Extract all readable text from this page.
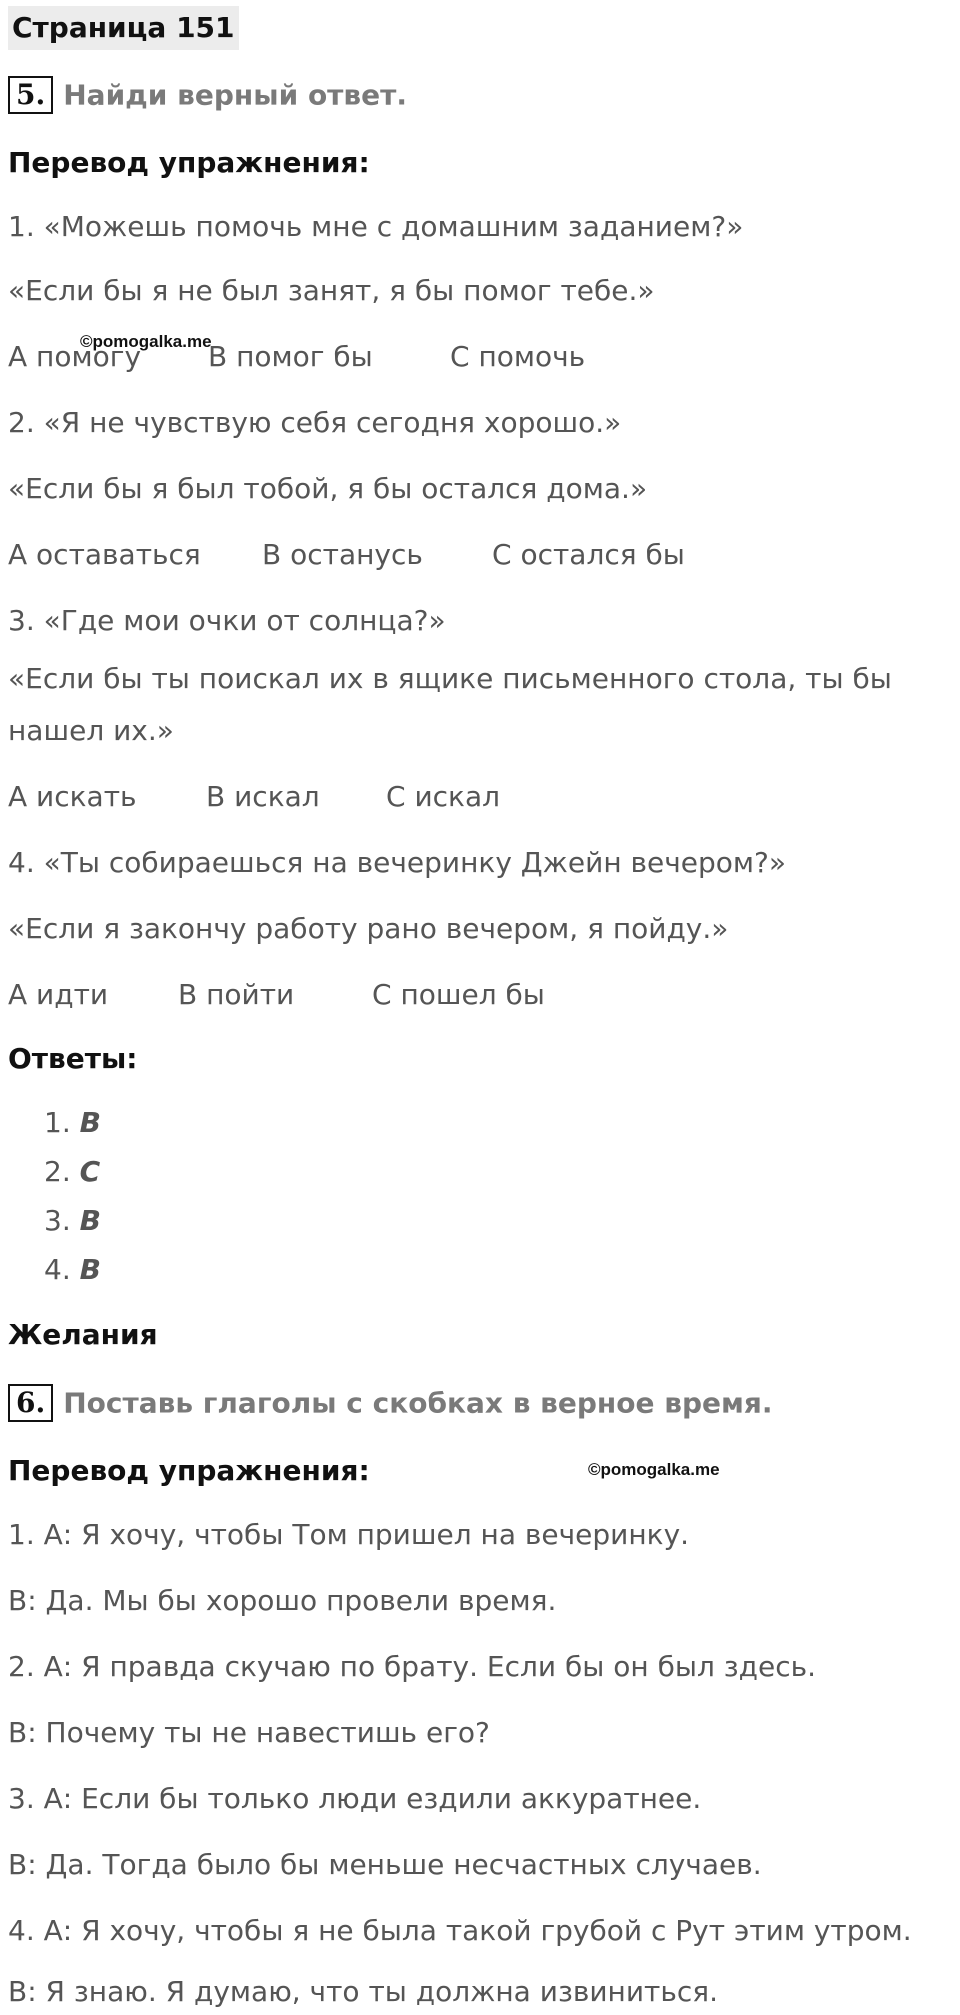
Страница 151
5. Найди верный ответ.
Перевод упражнения:
1. «Можешь помочь мне с домашним заданием?»
«Если бы я не был занят, я бы помог тебе.»
©pomogalka.me
А помогу В помог бы	С помочь
2. «Я не чувствую себя сегодня хорошо.»
«Если бы я был тобой, я бы остался дома.»
А оставаться В останусь С остался бы
3. «Где мои очки от солнца?»
«Если бы ты поискал их в ящике письменного стола, ты бы
нашел их.»
А искать В искал С искал
4. «Ты собираешься на вечеринку Джейн вечером?»
«Если я закончу работу рано вечером, я пойду.»
А идти В пойти	С пошел бы
Ответы:
1. B
2. C
3. B
4. B
Желания
6. Поставь глаголы с скобках в верное время.
Перевод упражнения:	©pomogalka.me
1. А: Я хочу, чтобы Том пришел на вечеринку.
B: Да. Мы бы хорошо провели время.
2. А: Я правда скучаю по брату. Если бы он был здесь.
B: Почему ты не навестишь его?
3. А: Если бы только люди ездили аккуратнее.
B: Да. Тогда было бы меньше несчастных случаев.
4. А: Я хочу, чтобы я не была такой грубой с Рут этим утром.
B: Я знаю. Я думаю, что ты должна извиниться.
